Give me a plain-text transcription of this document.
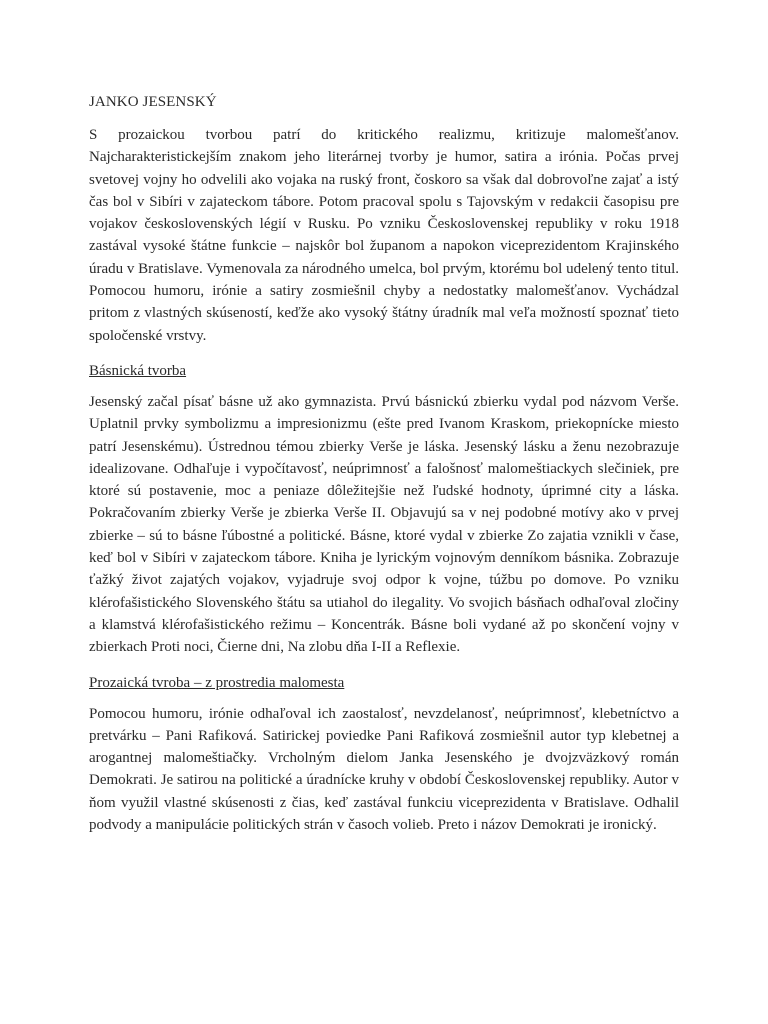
JANKO JESENSKÝ

S prozaickou tvorbou patrí do kritického realizmu, kritizuje malomešťanov. Najcharakteristickejším znakom jeho literárnej tvorby je humor, satira a irónia. Počas prvej svetovej vojny ho odvelili ako vojaka na ruský front, čoskoro sa však dal dobrovoľne zajať a istý čas bol v Sibíri v zajateckom tábore. Potom pracoval spolu s Tajovským v redakcii časopisu pre vojakov československých légií v Rusku. Po vzniku Československej republiky v roku 1918 zastával vysoké štátne funkcie – najskôr bol županom a napokon viceprezidentom Krajinského úradu v Bratislave. Vymenovala za národného umelca, bol prvým, ktorému bol udelený tento titul. Pomocou humoru, irónie a satiry zosmiešnil chyby a nedostatky malomešťanov. Vychádzal pritom z vlastných skúseností, keďže ako vysoký štátny úradník mal veľa možností spoznať tieto spoločenské vrstvy.

Básnická tvorba

Jesenský začal písať básne už ako gymnazista. Prvú básnickú zbierku vydal pod názvom Verše. Uplatnil prvky symbolizmu a impresionizmu (ešte pred Ivanom Kraskom, priekopnícke miesto patrí Jesenskému). Ústrednou témou zbierky Verše je láska. Jesenský lásku a ženu nezobrazuje idealizovane. Odhaľuje i vypočítavosť, neúprimnosť a falošnosť malomeštiackych slečiniek, pre ktoré sú postavenie, moc a peniaze dôležitejšie než ľudské hodnoty, úprimné city a láska. Pokračovaním zbierky Verše je zbierka Verše II. Objavujú sa v nej podobné motívy ako v prvej zbierke – sú to básne ľúbostné a politické. Básne, ktoré vydal v zbierke Zo zajatia vznikli v čase, keď bol v Sibíri v zajateckom tábore. Kniha je lyrickým vojnovým denníkom básnika. Zobrazuje ťažký život zajatých vojakov, vyjadruje svoj odpor k vojne, túžbu po domove. Po vzniku klérofašistického Slovenského štátu sa utiahol do ilegality. Vo svojich básňach odhaľoval zločiny a klamstvá klérofašistického režimu – Koncentrák. Básne boli vydané až po skončení vojny v zbierkach Proti noci, Čierne dni, Na zlobu dňa I-II a Reflexie.

Prozaická tvroba – z prostredia malomesta

Pomocou humoru, irónie odhaľoval ich zaostalosť, nevzdelanosť, neúprimnosť, klebetníctvo a pretvárku – Pani Rafiková. Satirickej poviedke Pani Rafiková zosmiešnil autor typ klebetnej a arogantnej malomeštiačky. Vrcholným dielom Janka Jesenského je dvojzväzkový román Demokrati. Je satirou na politické a úradnícke kruhy v období Československej republiky. Autor v ňom využil vlastné skúsenosti z čias, keď zastával funkciu viceprezidenta v Bratislave. Odhalil podvody a manipulácie politických strán v časoch volieb. Preto i názov Demokrati je ironický.
